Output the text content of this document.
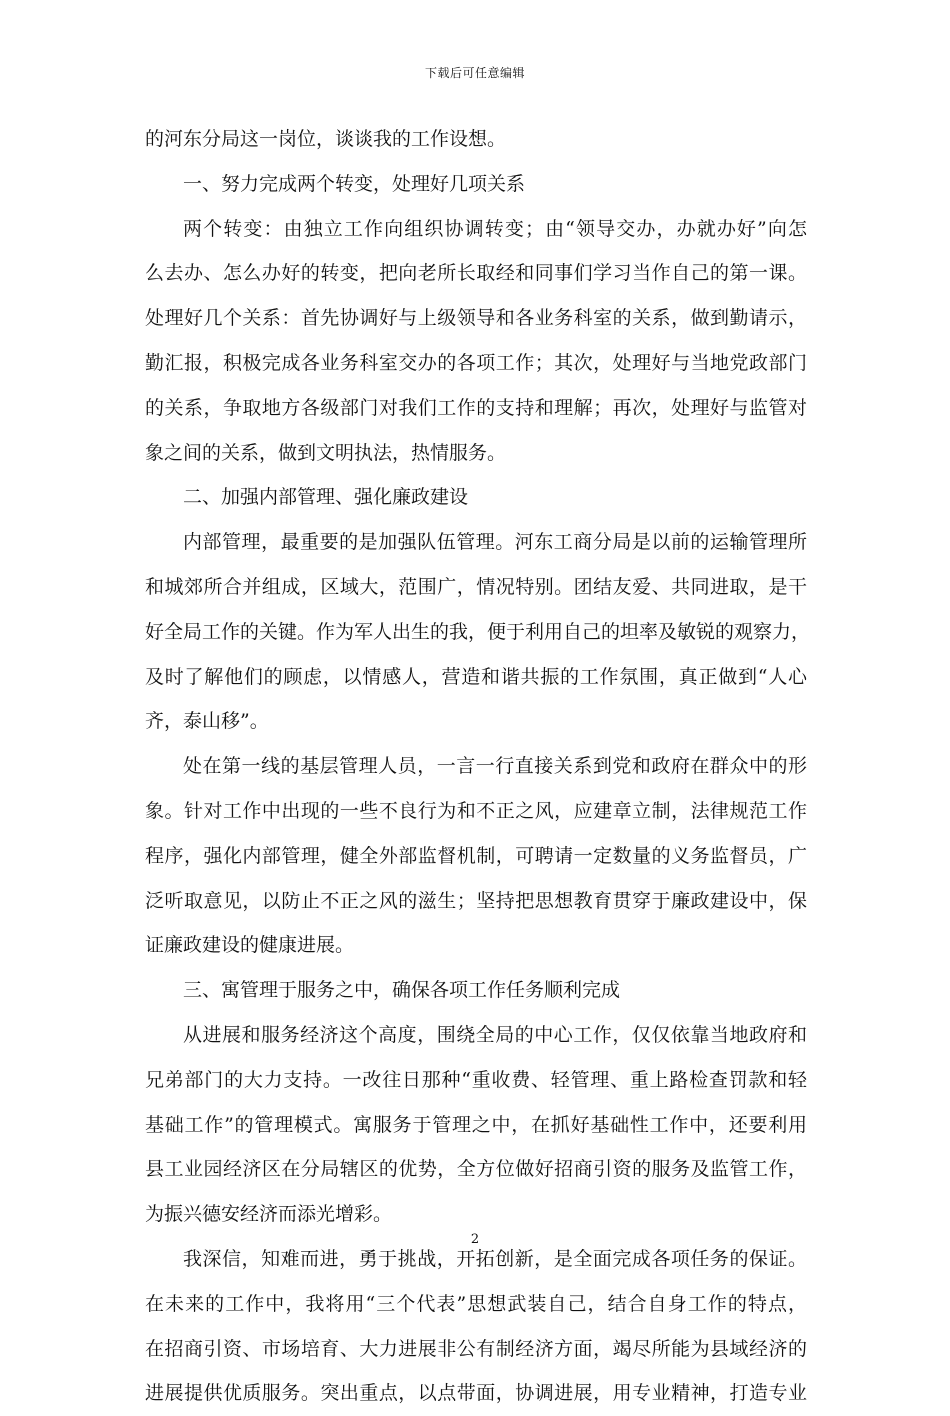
下载后可任意编辑
的河东分局这一岗位，谈谈我的工作设想。
一、努力完成两个转变，处理好几项关系
两个转变：由独立工作向组织协调转变；由“领导交办，办就办好”向怎
么去办、怎么办好的转变，把向老所长取经和同事们学习当作自己的第一课。
处理好几个关系：首先协调好与上级领导和各业务科室的关系，做到勤请示，
勤汇报，积极完成各业务科室交办的各项工作；其次，处理好与当地党政部门
的关系，争取地方各级部门对我们工作的支持和理解；再次，处理好与监管对
象之间的关系，做到文明执法，热情服务。
二、加强内部管理、强化廉政建设
内部管理，最重要的是加强队伍管理。河东工商分局是以前的运输管理所
和城郊所合并组成，区域大，范围广，情况特别。团结友爱、共同进取，是干
好全局工作的关键。作为军人出生的我，便于利用自己的坦率及敏锐的观察力，
及时了解他们的顾虑，以情感人，营造和谐共振的工作氛围，真正做到“人心
齐，泰山移”。
处在第一线的基层管理人员，一言一行直接关系到党和政府在群众中的形
象。针对工作中出现的一些不良行为和不正之风，应建章立制，法律规范工作
程序，强化内部管理，健全外部监督机制，可聘请一定数量的义务监督员，广
泛听取意见，以防止不正之风的滋生；坚持把思想教育贯穿于廉政建设中，保
证廉政建设的健康进展。
三、寓管理于服务之中，确保各项工作任务顺利完成
从进展和服务经济这个高度，围绕全局的中心工作，仅仅依靠当地政府和
兄弟部门的大力支持。一改往日那种“重收费、轻管理、重上路检查罚款和轻
基础工作”的管理模式。寓服务于管理之中，在抓好基础性工作中，还要利用
县工业园经济区在分局辖区的优势，全方位做好招商引资的服务及监管工作，
为振兴德安经济而添光增彩。
我深信，知难而进，勇于挑战，开拓创新，是全面完成各项任务的保证。
在未来的工作中，我将用“三个代表”思想武装自己，结合自身工作的特点，
在招商引资、市场培育、大力进展非公有制经济方面，竭尽所能为县域经济的
进展提供优质服务。突出重点，以点带面，协调进展，用专业精神，打造专业
2
